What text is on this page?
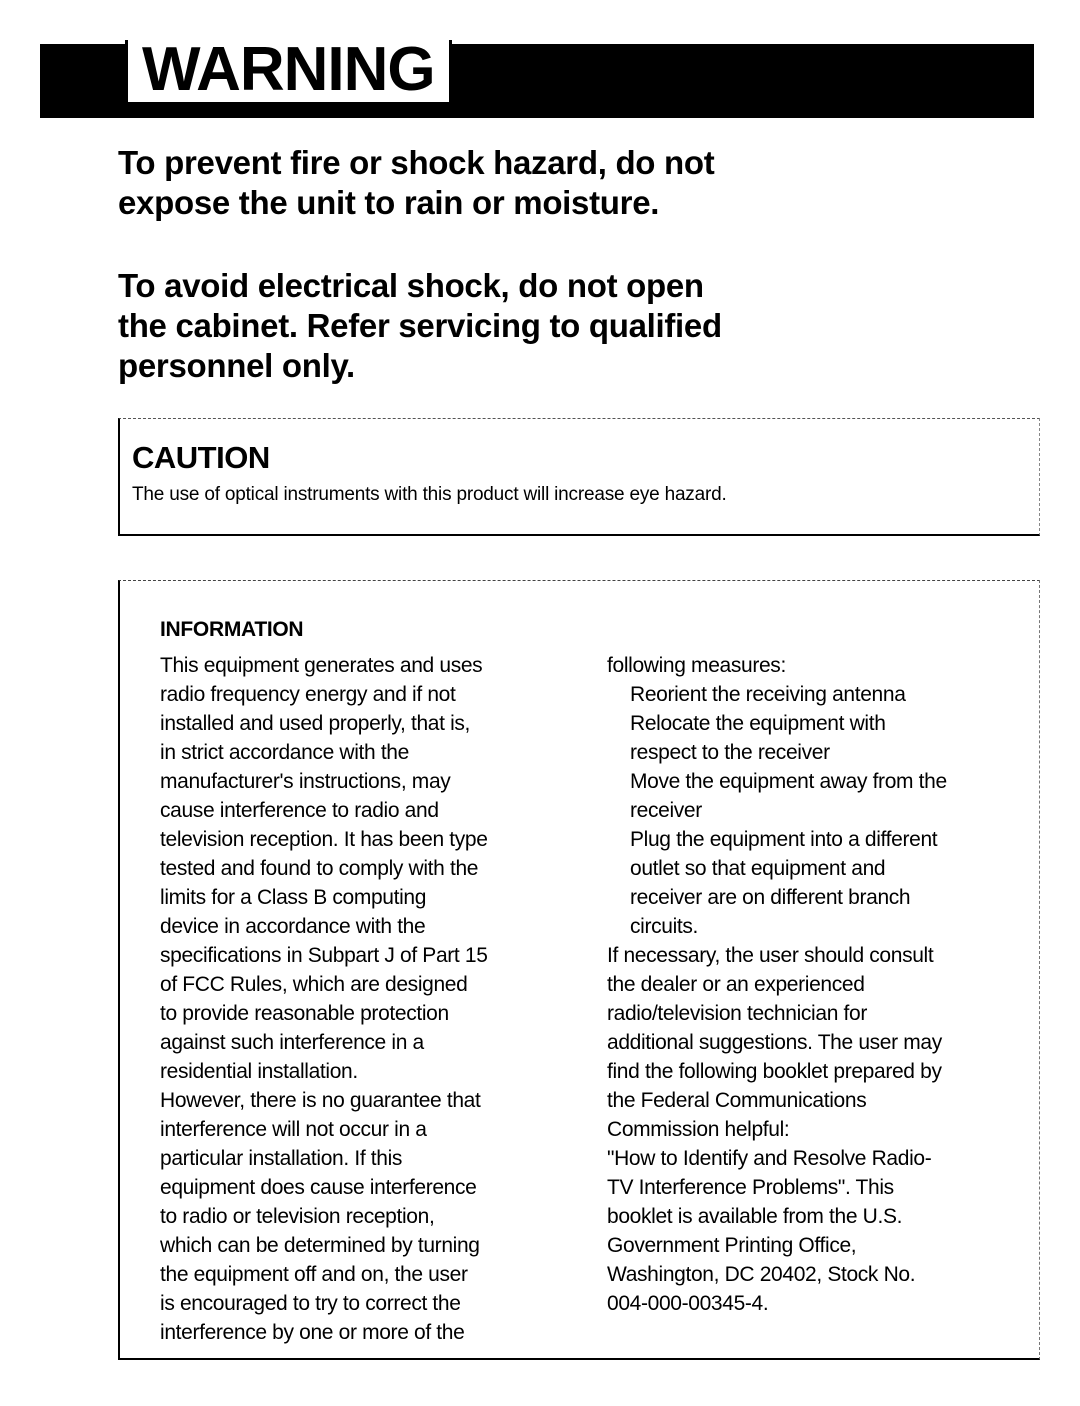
WARNING

To prevent fire or shock hazard, do not
expose the unit to rain or moisture.

To avoid electrical shock, do not open
the cabinet. Refer servicing to qualified
personnel only.

CAUTION
The use of optical instruments with this product will increase eye hazard.
INFORMATION
This equipment generates and uses
radio frequency energy and if not
installed and used properly, that is,
in strict accordance with the
manufacturer's instructions, may
cause interference to radio and
television reception. It has been type
tested and found to comply with the
limits for a Class B computing
device in accordance with the
specifications in Subpart J of Part 15
of FCC Rules, which are designed
to provide reasonable protection
against such interference in a
residential installation.
However, there is no guarantee that
interference will not occur in a
particular installation. If this
equipment does cause interference
to radio or television reception,
which can be determined by turning
the equipment off and on, the user
is encouraged to try to correct the
interference by one or more of the
following measures:
Reorient the receiving antenna
Relocate the equipment with
respect to the receiver
Move the equipment away from the
receiver
Plug the equipment into a different
outlet so that equipment and
receiver are on different branch
circuits.
If necessary, the user should consult
the dealer or an experienced
radio/television technician for
additional suggestions. The user may
find the following booklet prepared by
the Federal Communications
Commission helpful:
"How to Identify and Resolve Radio-
TV Interference Problems". This
booklet is available from the U.S.
Government Printing Office,
Washington, DC 20402, Stock No.
004-000-00345-4.
